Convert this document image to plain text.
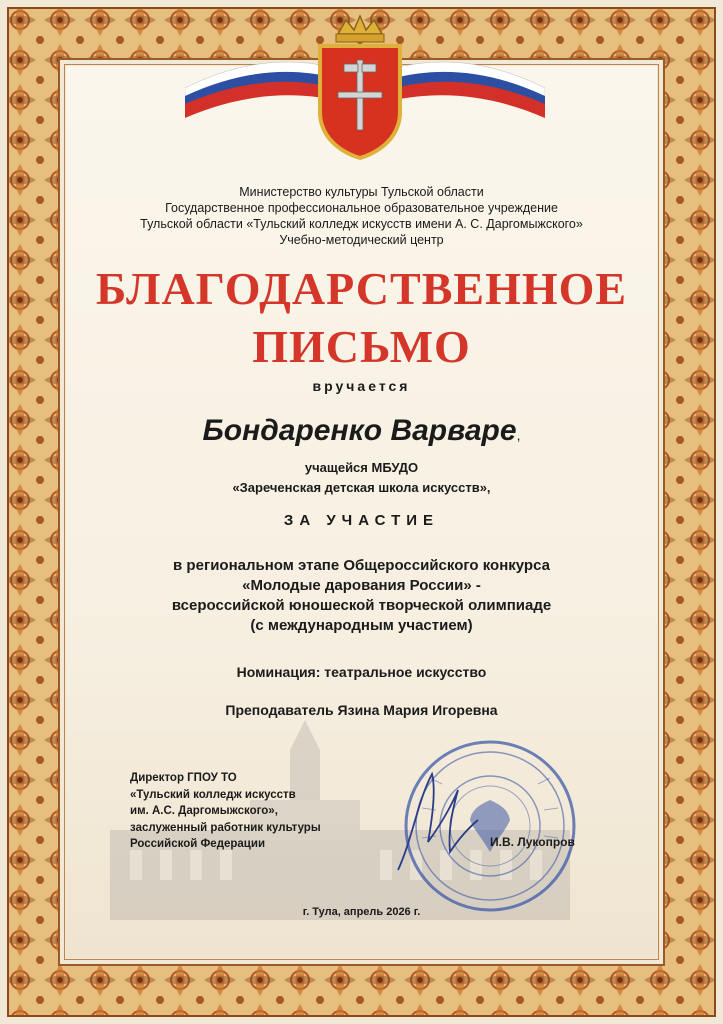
Министерство культуры Тульской области
Государственное профессиональное образовательное учреждение
Тульской области «Тульский колледж искусств имени А. С. Даргомыжского»
Учебно-методический центр
БЛАГОДАРСТВЕННОЕ
ПИСЬМО
вручается
Бондаренко Варваре,
учащейся МБУДО
«Зареченская детская школа искусств»,
ЗА УЧАСТИЕ
в региональном этапе Общероссийского конкурса
«Молодые дарования России» -
всероссийской юношеской творческой олимпиаде
(с международным участием)
Номинация: театральное искусство
Преподаватель Язина Мария Игоревна
Директор ГПОУ ТО
«Тульский колледж искусств
им. А.С. Даргомыжского»,
заслуженный работник культуры
Российской Федерации	И.В. Лукопров
г. Тула, апрель 2026 г.
